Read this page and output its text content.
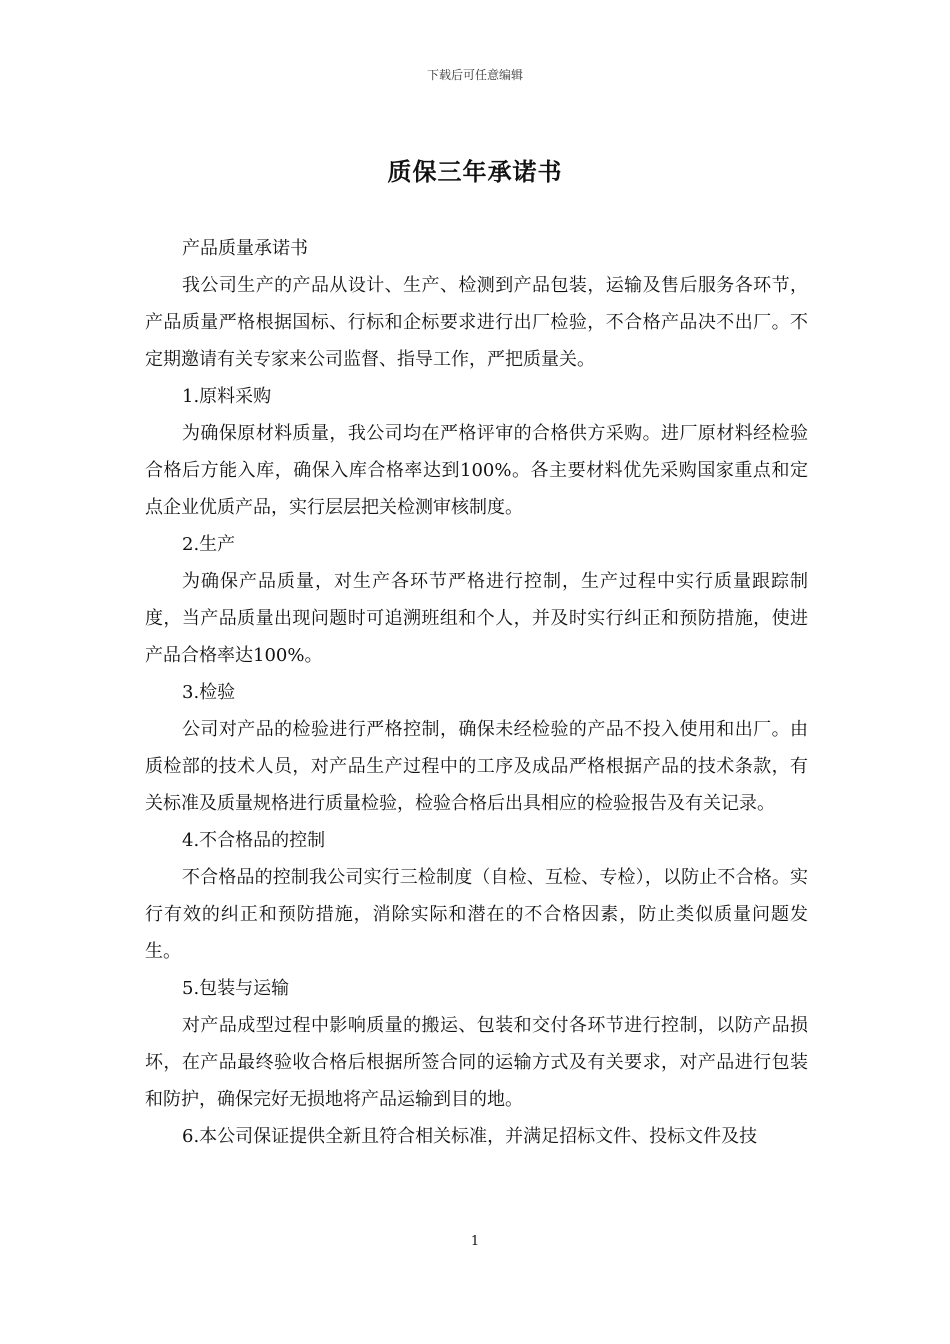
下载后可任意编辑
质保三年承诺书

产品质量承诺书

我公司生产的产品从设计、生产、检测到产品包装，运输及售后服务各环节，产品质量严格根据国标、行标和企标要求进行出厂检验，不合格产品决不出厂。不定期邀请有关专家来公司监督、指导工作，严把质量关。

1.原料采购

为确保原材料质量，我公司均在严格评审的合格供方采购。进厂原材料经检验合格后方能入库，确保入库合格率达到100%。各主要材料优先采购国家重点和定点企业优质产品，实行层层把关检测审核制度。

2.生产

为确保产品质量，对生产各环节严格进行控制，生产过程中实行质量跟踪制度，当产品质量出现问题时可追溯班组和个人，并及时实行纠正和预防措施，使进产品合格率达100%。

3.检验

公司对产品的检验进行严格控制，确保未经检验的产品不投入使用和出厂。由质检部的技术人员，对产品生产过程中的工序及成品严格根据产品的技术条款，有关标准及质量规格进行质量检验，检验合格后出具相应的检验报告及有关记录。

4.不合格品的控制

不合格品的控制我公司实行三检制度（自检、互检、专检），以防止不合格。实行有效的纠正和预防措施，消除实际和潜在的不合格因素，防止类似质量问题发生。

5.包装与运输

对产品成型过程中影响质量的搬运、包装和交付各环节进行控制，以防产品损坏，在产品最终验收合格后根据所签合同的运输方式及有关要求，对产品进行包装和防护，确保完好无损地将产品运输到目的地。

6.本公司保证提供全新且符合相关标准，并满足招标文件、投标文件及技

1
